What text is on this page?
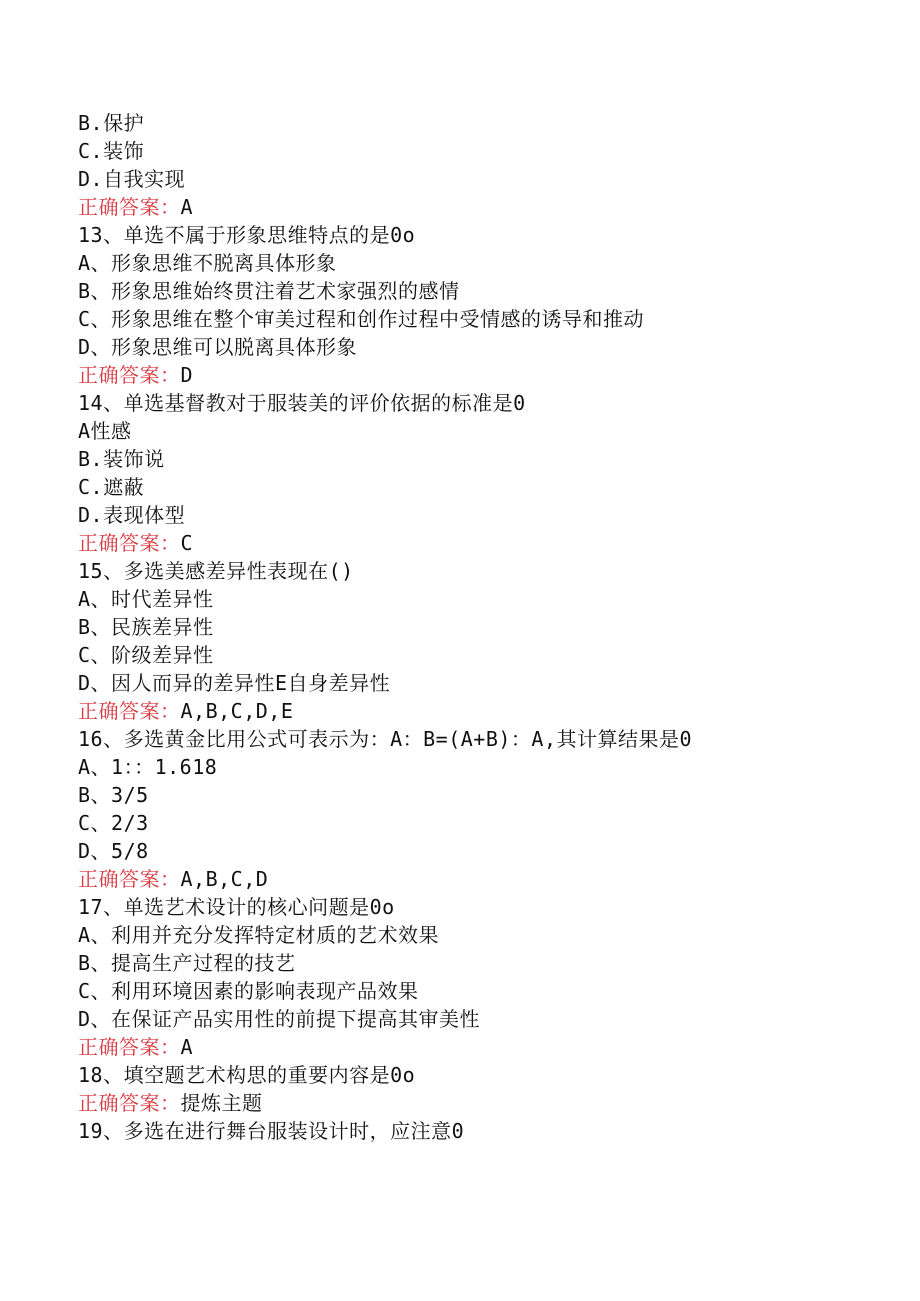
B.保护
C.装饰
D.自我实现
正确答案：A
13、单选不属于形象思维特点的是0o
A、形象思维不脱离具体形象
B、形象思维始终贯注着艺术家强烈的感情
C、形象思维在整个审美过程和创作过程中受情感的诱导和推动
D、形象思维可以脱离具体形象
正确答案：D
14、单选基督教对于服装美的评价依据的标准是0
A性感
B.装饰说
C.遮蔽
D.表现体型
正确答案：C
15、多选美感差异性表现在()
A、时代差异性
B、民族差异性
C、阶级差异性
D、因人而异的差异性E自身差异性
正确答案：A,B,C,D,E
16、多选黄金比用公式可表示为：A：B=(A+B)：A,其计算结果是0
A、1：：1.618
B、3/5
C、2/3
D、5/8
正确答案：A,B,C,D
17、单选艺术设计的核心问题是0o
A、利用并充分发挥特定材质的艺术效果
B、提高生产过程的技艺
C、利用环境因素的影响表现产品效果
D、在保证产品实用性的前提下提高其审美性
正确答案：A
18、填空题艺术构思的重要内容是0o
正确答案：提炼主题
19、多选在进行舞台服装设计时，应注意0
